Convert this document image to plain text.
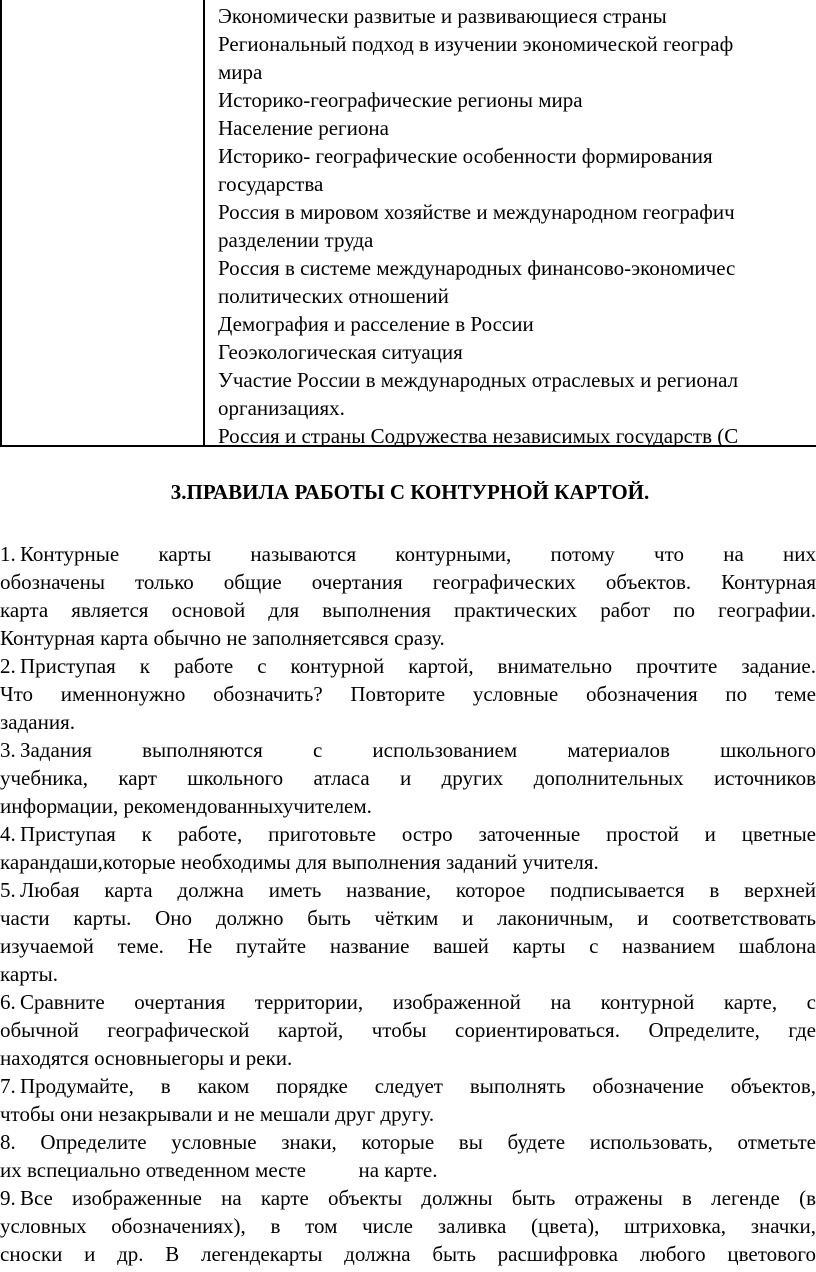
Экономически развитые и развивающиеся страны
Региональный подход в изучении экономической географ
мира
Историко-географические регионы мира
Население региона
Историко- географические особенности формирования
государства
Россия в мировом хозяйстве и международном географич
разделении труда
Россия в системе международных финансово-экономичес
политических отношений
Демография и расселение в России
Геоэкологическая ситуация
Участие России в международных отраслевых и регионал
организациях.
Россия и страны Содружества независимых государств (С
3.ПРАВИЛА РАБОТЫ С КОНТУРНОЙ КАРТОЙ.
1. Контурные карты называются контурными, потому что на них
обозначены только общие очертания географических объектов. Контурная
карта является основой для выполнения практических работ по географии.
Контурная карта обычно не заполняетсявся сразу.
2. Приступая к работе с контурной картой, внимательно прочтите задание.
Что именнонужно обозначить? Повторите условные обозначения по теме
задания.
3. Задания выполняются с использованием материалов школьного
учебника, карт школьного атласа и других дополнительных источников
информации, рекомендованныхучителем.
4. Приступая к работе, приготовьте остро заточенные простой и цветные
карандаши,которые необходимы для выполнения заданий учителя.
5. Любая карта должна иметь название, которое подписывается в верхней
части карты. Оно должно быть чётким и лаконичным, и соответствовать
изучаемой теме. Не путайте название вашей карты с названием шаблона
карты.
6. Сравните очертания территории, изображенной на контурной карте, с
обычной географической картой, чтобы сориентироваться. Определите, где
находятся основныегоры и реки.
7. Продумайте, в каком порядке следует выполнять обозначение объектов,
чтобы они незакрывали и не мешали друг другу.
8. Определите условные знаки, которые вы будете использовать, отметьте
их вспециально отведенном месте    на карте.
9. Все изображенные на карте объекты должны быть отражены в легенде (в
условных обозначениях), в том числе заливка (цвета), штриховка, значки,
сноски и др. В легендекарты должна быть расшифровка любого цветового
